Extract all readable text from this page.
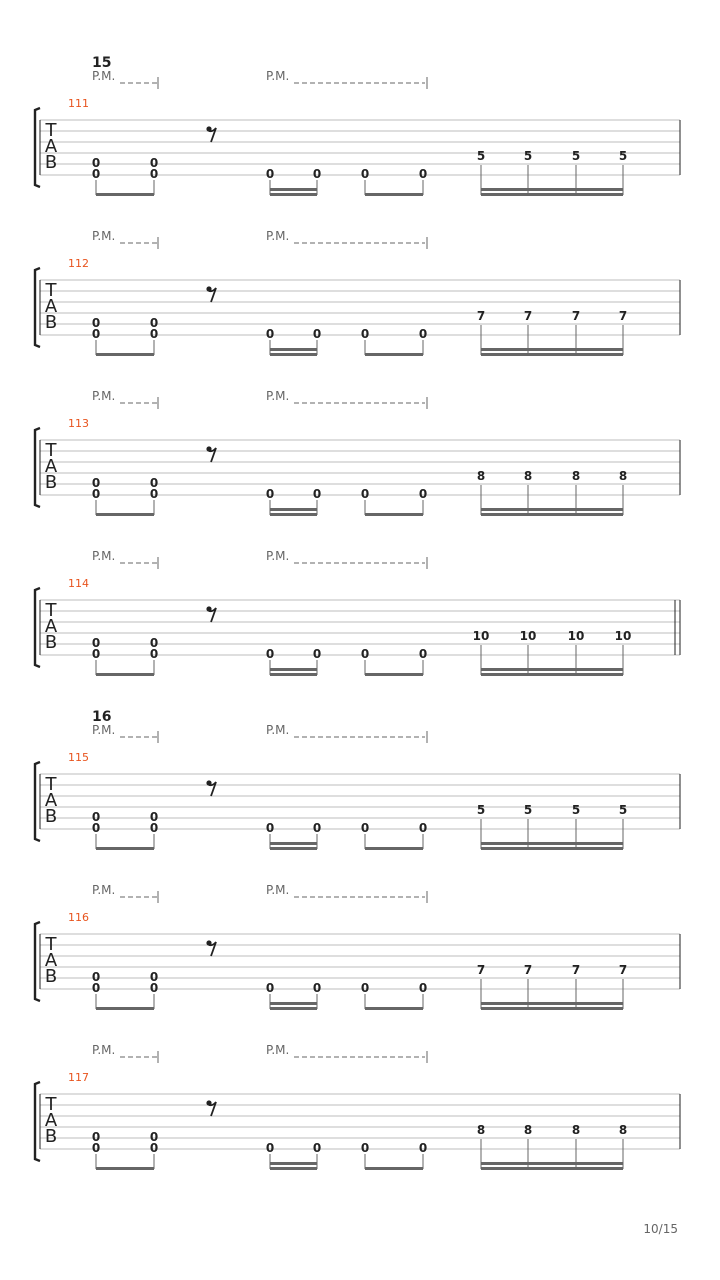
T
A
B
111
15
P.M.	P.M.
0
0
0
0	0	0	0	0
5	5	5	5
T
A
B
112
P.M.	P.M.
0
0
0
0	0	0	0	0
7	7	7	7
T
A
B
113
P.M.	P.M.
0
0
0
0	0	0	0	0
8	8	8	8
T
A
B
114
P.M.	P.M.
0
0
0
0	0	0	0	0
10	10	10	10
T
A
B
115
16
P.M.	P.M.
0
0
0
0	0	0	0	0
5	5	5	5
T
A
B
116
P.M.	P.M.
0
0
0
0	0	0	0	0
7	7	7	7
T
A
B
117
P.M.	P.M.
0
0
0
0	0	0	0	0
8	8	8	8
10/15
